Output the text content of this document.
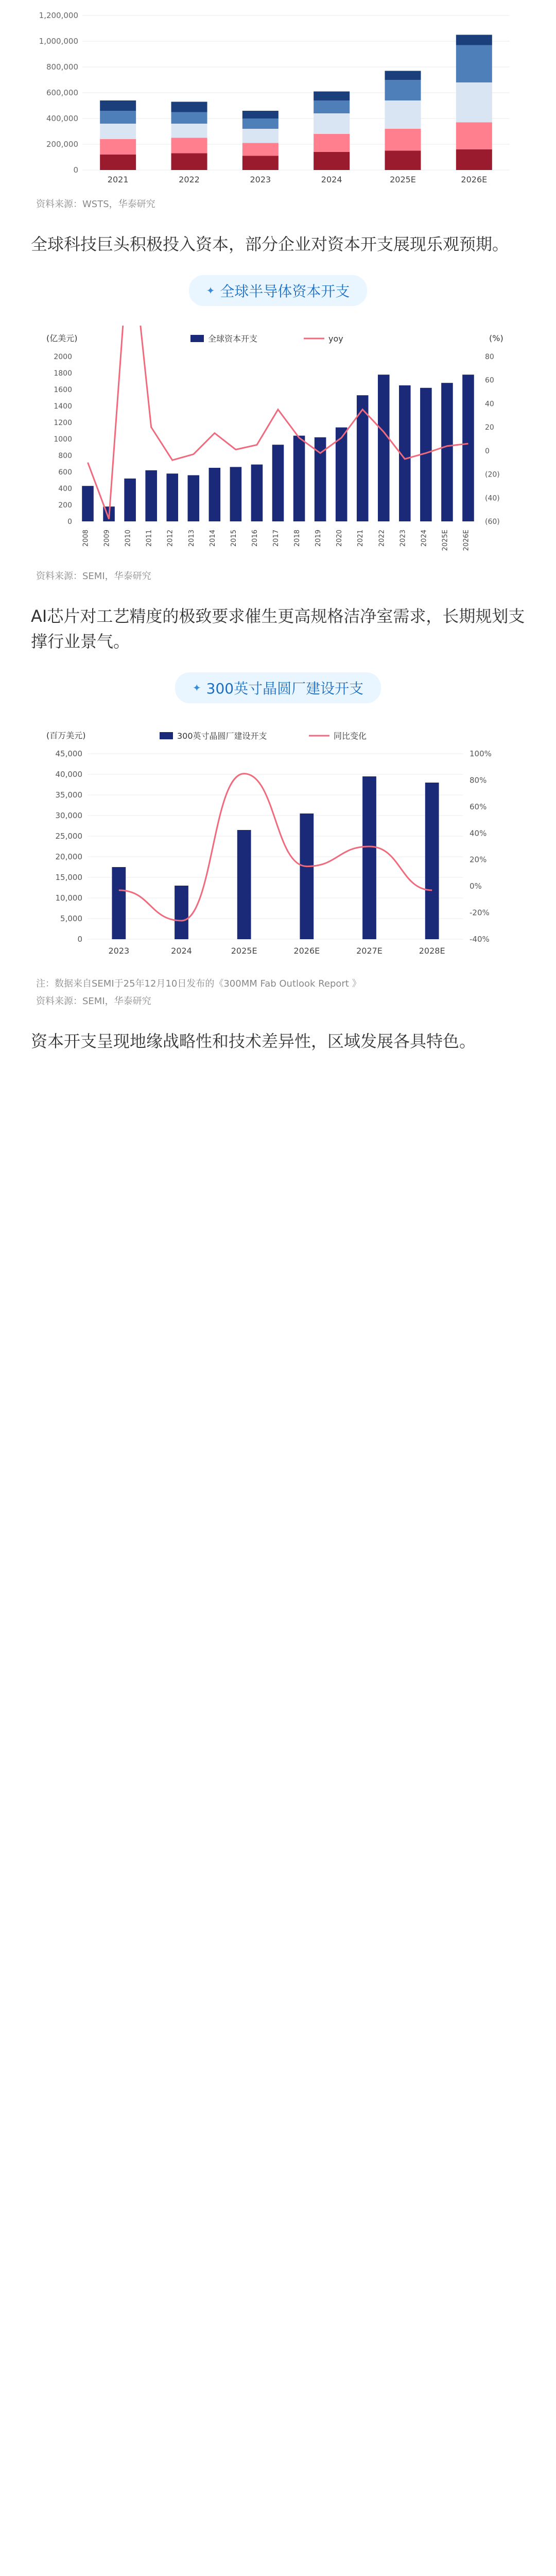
0
200,000
400,000
600,000
800,000
1,000,000
1,200,000
2021	2022	2023	2024	2025E	2026E
资料来源：WSTS，华泰研究
全球科技巨头积极投入资本，部分企业对资本开支展现乐观预期。
✦ 全球半导体资本开支
(亿美元)	(%)
0
200
400
600
800
1000
1200
1400
1600
1800
2000	80
60
40
20
0
(20)
(40)
(60)
全球资本开支	yoy
2008 2009 2010 2011 2012 2013 2014 2015 2016 2017 2018 2019 2020 2021 2022 2023 2024 2025E 2026E
资料来源：SEMI，华泰研究
AI芯片对工艺精度的极致要求催生更高规格洁净室需求，长期规划支撑行业景气。
✦ 300英寸晶圆厂建设开支
(百万美元)
0
5,000
10,000
15,000
20,000
25,000
30,000
35,000
40,000
45,000	100%
80%
60%
40%
20%
0%
-20%
-40%
300英寸晶圆厂建设开支	同比变化
2023	2024	2025E	2026E	2027E	2028E
注：数据来自SEMI于25年12月10日发布的《300MM Fab Outlook Report 》
资料来源：SEMI，华泰研究
资本开支呈现地缘战略性和技术差异性，区域发展各具特色。
